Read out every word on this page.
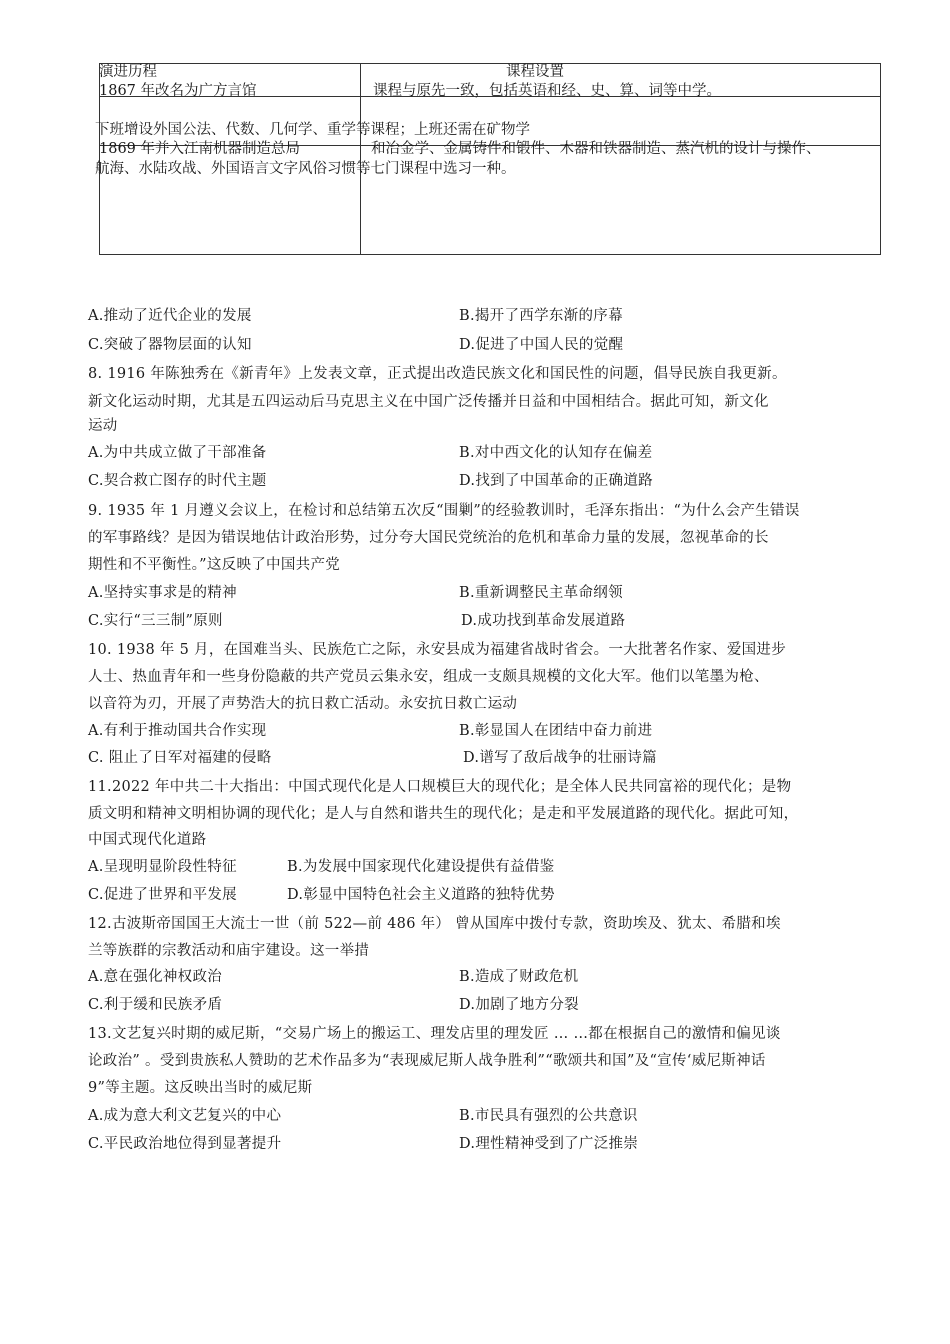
演进历程	课程设置
1867 年改名为广方言馆	课程与原先一致，包括英语和经、史、算、词等中学。
下班增设外国公法、代数、几何学、重学等课程；上班还需在矿物学
1869 年并入江南机器制造总局	和冶金学、金属铸件和锻件、木器和铁器制造、蒸汽机的设计与操作、
航海、水陆攻战、外国语言文字风俗习惯等七门课程中选习一种。
A.推动了近代企业的发展	B.揭开了西学东渐的序幕
C.突破了器物层面的认知	D.促进了中国人民的觉醒
8. 1916 年陈独秀在《新青年》上发表文章，正式提出改造民族文化和国民性的问题，倡导民族自我更新。
新文化运动时期，尤其是五四运动后马克思主义在中国广泛传播并日益和中国相结合。据此可知，新文化
运动
A.为中共成立做了干部准备	B.对中西文化的认知存在偏差
C.契合救亡图存的时代主题	D.找到了中国革命的正确道路
9. 1935 年 1 月遵义会议上，在检讨和总结第五次反“围剿”的经验教训时，毛泽东指出：“为什么会产生错误
的军事路线？是因为错误地估计政治形势，过分夸大国民党统治的危机和革命力量的发展，忽视革命的长
期性和不平衡性。”这反映了中国共产党
A.坚持实事求是的精神	B.重新调整民主革命纲领
C.实行“三三制”原则	D.成功找到革命发展道路
10. 1938 年 5 月，在国难当头、民族危亡之际，永安县成为福建省战时省会。一大批著名作家、爱国进步
人士、热血青年和一些身份隐蔽的共产党员云集永安，组成一支颇具规模的文化大军。他们以笔墨为枪、
以音符为刃，开展了声势浩大的抗日救亡活动。永安抗日救亡运动
A.有利于推动国共合作实现	B.彰显国人在团结中奋力前进
C. 阻止了日军对福建的侵略	D.谱写了敌后战争的壮丽诗篇
11.2022 年中共二十大指出：中国式现代化是人口规模巨大的现代化；是全体人民共同富裕的现代化；是物
质文明和精神文明相协调的现代化；是人与自然和谐共生的现代化；是走和平发展道路的现代化。据此可知，
中国式现代化道路
A.呈现明显阶段性特征	B.为发展中国家现代化建设提供有益借鉴
C.促进了世界和平发展	D.彰显中国特色社会主义道路的独特优势
12.古波斯帝国国王大流士一世（前 522—前 486 年） 曾从国库中拨付专款，资助埃及、犹太、希腊和埃
兰等族群的宗教活动和庙宇建设。这一举措
A.意在强化神权政治	B.造成了财政危机
C.利于缓和民族矛盾	D.加剧了地方分裂
13.文艺复兴时期的威尼斯，“交易广场上的搬运工、理发店里的理发匠 … …都在根据自己的激情和偏见谈
论政治” 。受到贵族私人赞助的艺术作品多为“表现威尼斯人战争胜利”“歌颂共和国”及“宣传‘威尼斯神话
9”等主题。这反映出当时的威尼斯
A.成为意大利文艺复兴的中心	B.市民具有强烈的公共意识
C.平民政治地位得到显著提升	D.理性精神受到了广泛推崇
